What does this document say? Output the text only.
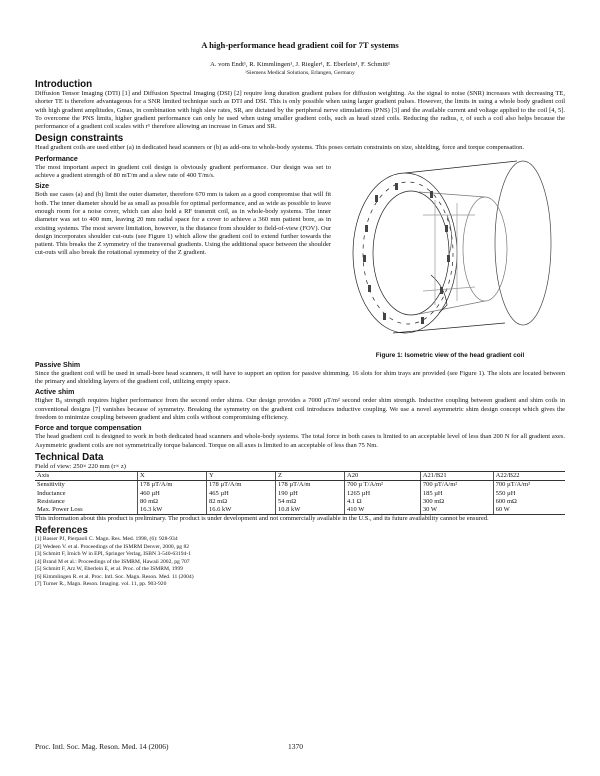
A high-performance head gradient coil for 7T systems
A. vom Endt¹, R. Kimmlingen¹, J. Riegler¹, E. Eberlein¹, F. Schmitt¹
¹Siemens Medical Solutions, Erlangen, Germany
Introduction

Diffusion Tensor Imaging (DTI) [1] and Diffusion Spectral Imaging (DSI) [2] require long duration gradient pulses for diffusion weighting. As the signal to noise (SNR) increases with decreasing TE, shorter TE is therefore advantageous for a SNR limited technique such as DTI and DSI. This is only possible when using larger gradient pulses. However, the limits in using a whole body gradient coil with high gradient amplitudes, Gmax, in combination with high slew rates, SR, are dictated by the peripheral nerve stimulations (PNS) [3] and the available current and voltage applied to the coil [4, 5]. To overcome the PNS limits, higher gradient performance can only be used when using smaller gradient coils, such as head sized coils. Reducing the radius, r, of such a coil also helps because the performance of a gradient coil scales with r⁵ therefore allowing an increase in Gmax and SR.

Design constraints

Head gradient coils are used either (a) in dedicated head scanners or (b) as add-ons to whole-body systems. This poses certain constraints on size, shielding, force and torque compensation.

Performance

The most important aspect in gradient coil design is obviously gradient performance. Our design was set to achieve a gradient strength of 80 mT/m and a slew rate of 400 T/m/s.

Size

Both use cases (a) and (b) limit the outer diameter, therefore 670 mm is taken as a good compromise that will fit both. The inner diameter should be as small as possible for optimal performance, and as wide as possible to leave enough room for a noise cover, which can also hold a RF transmit coil, as in whole-body systems. The inner diameter was set to 400 mm, leaving 20 mm radial space for a cover to achieve a 360 mm patient bore, as in existing systems. The most severe limitation, however, is the distance from shoulder to field-of-view (FOV). Our design incorporates shoulder cut-outs (see Figure 1) which allow the gradient coil to extend further towards the patient. This breaks the Z symmetry of the transversal gradients. Using the additional space between the shoulder cut-outs will also break the rotational symmetry of the Z gradient.

Figure 1: Isometric view of the head gradient coil
Passive Shim

Since the gradient coil will be used in small-bore head scanners, it will have to support an option for passive shimming. 16 slots for shim trays are provided (see Figure 1). The slots are located between the primary and shielding layers of the gradient coil, utilizing empty space.

Active shim

Higher B₀ strength requires higher performance from the second order shims. Our design provides a 7000 μT/m² second order shim strength. Inductive coupling between gradient and shim coils in conventional designs [7] vanishes because of symmetry. Breaking the symmetry on the gradient coil introduces inductive coupling. We use a novel asymmetric shim design concept which gives the freedom to minimize coupling between gradient and shim coils without compromising efficiency.

Force and torque compensation

The head gradient coil is designed to work in both dedicated head scanners and whole-body systems. The total force in both cases is limited to an acceptable level of less than 200 N for all gradient axes. Asymmetric gradient coils are not symmetrically torque balanced. Torque on all axes is limited to an acceptable of less than 75 Nm.

Technical Data

Field of view: 250× 220 mm (r× z)

Axis	X	Y	Z	A20	A21/B21	A22/B22
Sensitivity	178 µT/A/m	178 µT/A/m	178 µT/A/m	700 µ T/A/m²	700 µT/A/m²	700 µT/A/m²
Inductance	460 µH	465 µH	190 µH	1265 µH	185 µH	550 µH
Resistance	80 mΩ	82 mΩ	54 mΩ	4.1 Ω	300 mΩ	600 mΩ
Max. Power Loss	16.3 kW	16.6 kW	10.8 kW	410 W	30 W	60 W

This information about this product is preliminary. The product is under development and not commercially available in the U.S., and its future availability cannot be ensured.

References
[1] Basser PJ, Pierpaoli C. Magn. Res. Med. 1998, (6): 928-934
[2] Wedeen V. et al. Proceedings of the ISMRM Denver, 2000, pg 82
[3] Schmitt F, Irnich W in EPI, Springer Verlag, ISBN 3-540-63194-1
[4] Brand M et al.: Proceedings of the ISMRM, Hawaii 2002, pg 707
[5] Schmitt F, Arz W, Eberlein E, et al. Proc. of the ISMRM, 1999
[6] Kimmlingen R. et al. Proc. Intl. Soc. Magn. Reson. Med. 11 (2004)
[7] Turner R., Magn. Reson. Imaging. vol. 11, pp. 903-920
Proc. Intl. Soc. Mag. Reson. Med. 14 (2006)	1370
